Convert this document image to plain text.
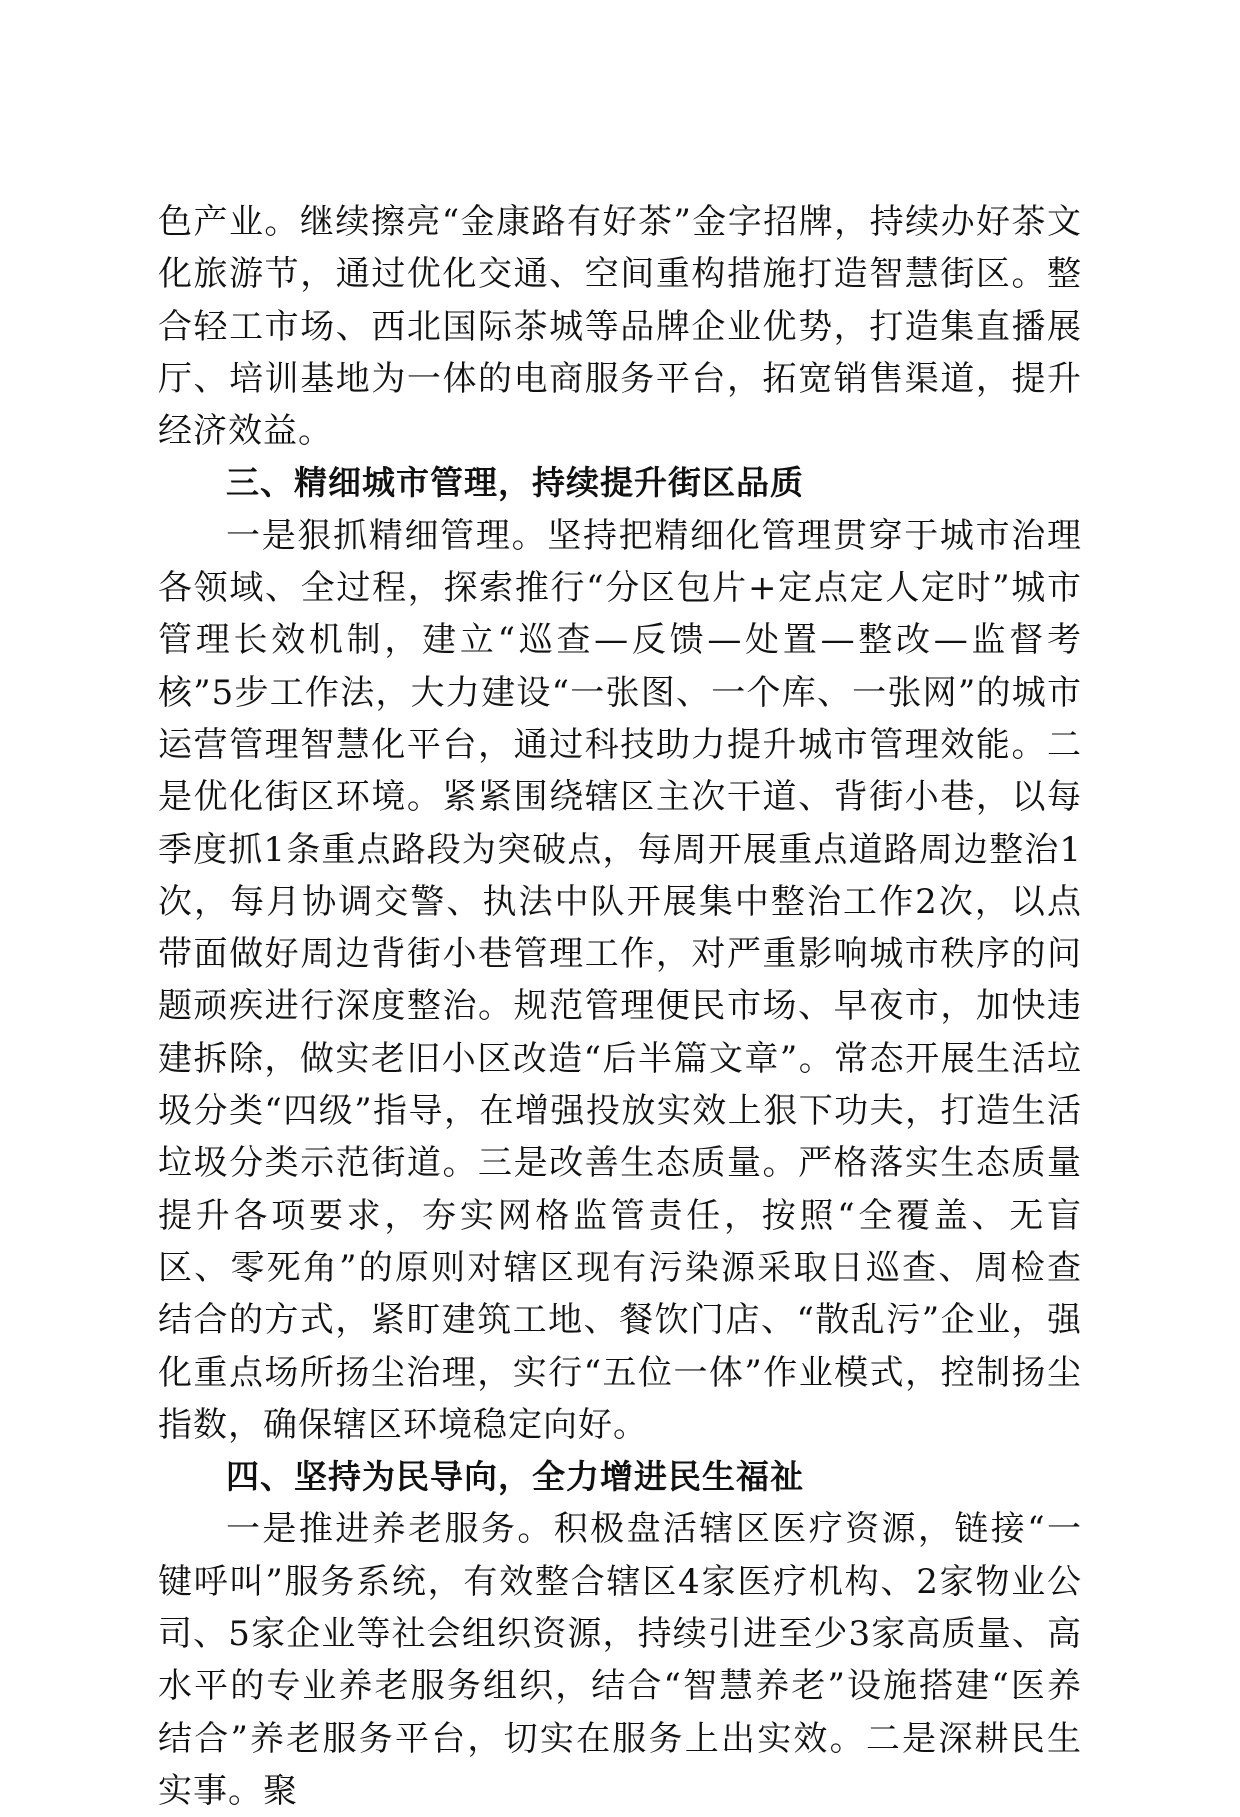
色产业。继续擦亮“金康路有好茶”金字招牌，持续办好茶文化旅游节，通过优化交通、空间重构措施打造智慧街区。整合轻工市场、西北国际茶城等品牌企业优势，打造集直播展厅、培训基地为一体的电商服务平台，拓宽销售渠道，提升经济效益。

三、精细城市管理，持续提升街区品质

一是狠抓精细管理。坚持把精细化管理贯穿于城市治理各领域、全过程，探索推行“分区包片+定点定人定时”城市管理长效机制，建立“巡查—反馈—处置—整改—监督考核”5步工作法，大力建设“一张图、一个库、一张网”的城市运营管理智慧化平台，通过科技助力提升城市管理效能。二是优化街区环境。紧紧围绕辖区主次干道、背街小巷，以每季度抓1条重点路段为突破点，每周开展重点道路周边整治1次，每月协调交警、执法中队开展集中整治工作2次，以点带面做好周边背街小巷管理工作，对严重影响城市秩序的问题顽疾进行深度整治。规范管理便民市场、早夜市，加快违建拆除，做实老旧小区改造“后半篇文章”。常态开展生活垃圾分类“四级”指导，在增强投放实效上狠下功夫，打造生活垃圾分类示范街道。三是改善生态质量。严格落实生态质量提升各项要求，夯实网格监管责任，按照“全覆盖、无盲区、零死角”的原则对辖区现有污染源采取日巡查、周检查结合的方式，紧盯建筑工地、餐饮门店、“散乱污”企业，强化重点场所扬尘治理，实行“五位一体”作业模式，控制扬尘指数，确保辖区环境稳定向好。

四、坚持为民导向，全力增进民生福祉

一是推进养老服务。积极盘活辖区医疗资源，链接“一键呼叫”服务系统，有效整合辖区4家医疗机构、2家物业公司、5家企业等社会组织资源，持续引进至少3家高质量、高水平的专业养老服务组织，结合“智慧养老”设施搭建“医养结合”养老服务平台，切实在服务上出实效。二是深耕民生实事。聚
